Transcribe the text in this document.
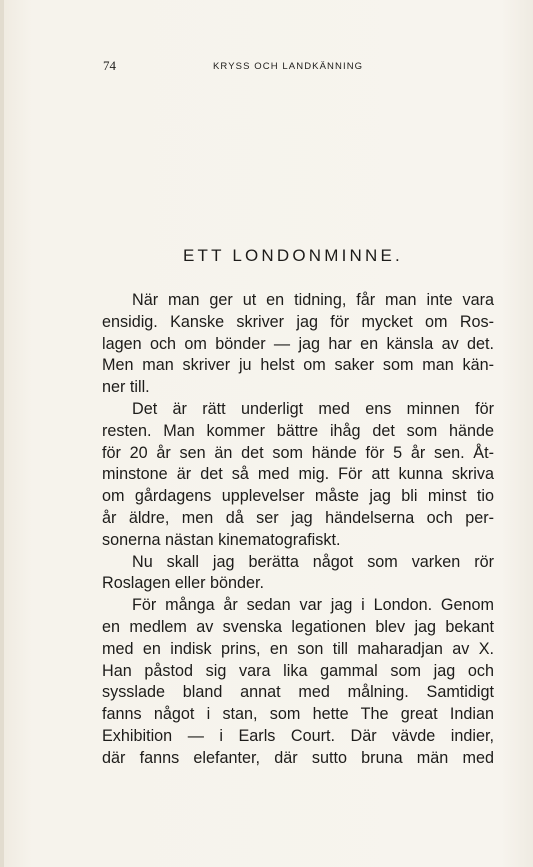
74	KRYSS OCH LANDKÄNNING
ETT LONDONMINNE.
När man ger ut en tidning, får man inte vara
ensidig. Kanske skriver jag för mycket om Ros-
lagen och om bönder — jag har en känsla av det.
Men man skriver ju helst om saker som man kän-
ner till.
Det är rätt underligt med ens minnen för
resten. Man kommer bättre ihåg det som hände
för 20 år sen än det som hände för 5 år sen. Åt-
minstone är det så med mig. För att kunna skriva
om gårdagens upplevelser måste jag bli minst tio
år äldre, men då ser jag händelserna och per-
sonerna nästan kinematografiskt.
Nu skall jag berätta något som varken rör
Roslagen eller bönder.
För många år sedan var jag i London. Genom
en medlem av svenska legationen blev jag bekant
med en indisk prins, en son till maharadjan av X.
Han påstod sig vara lika gammal som jag och
sysslade bland annat med målning. Samtidigt
fanns något i stan, som hette The great Indian
Exhibition — i Earls Court. Där vävde indier,
där fanns elefanter, där sutto bruna män med
